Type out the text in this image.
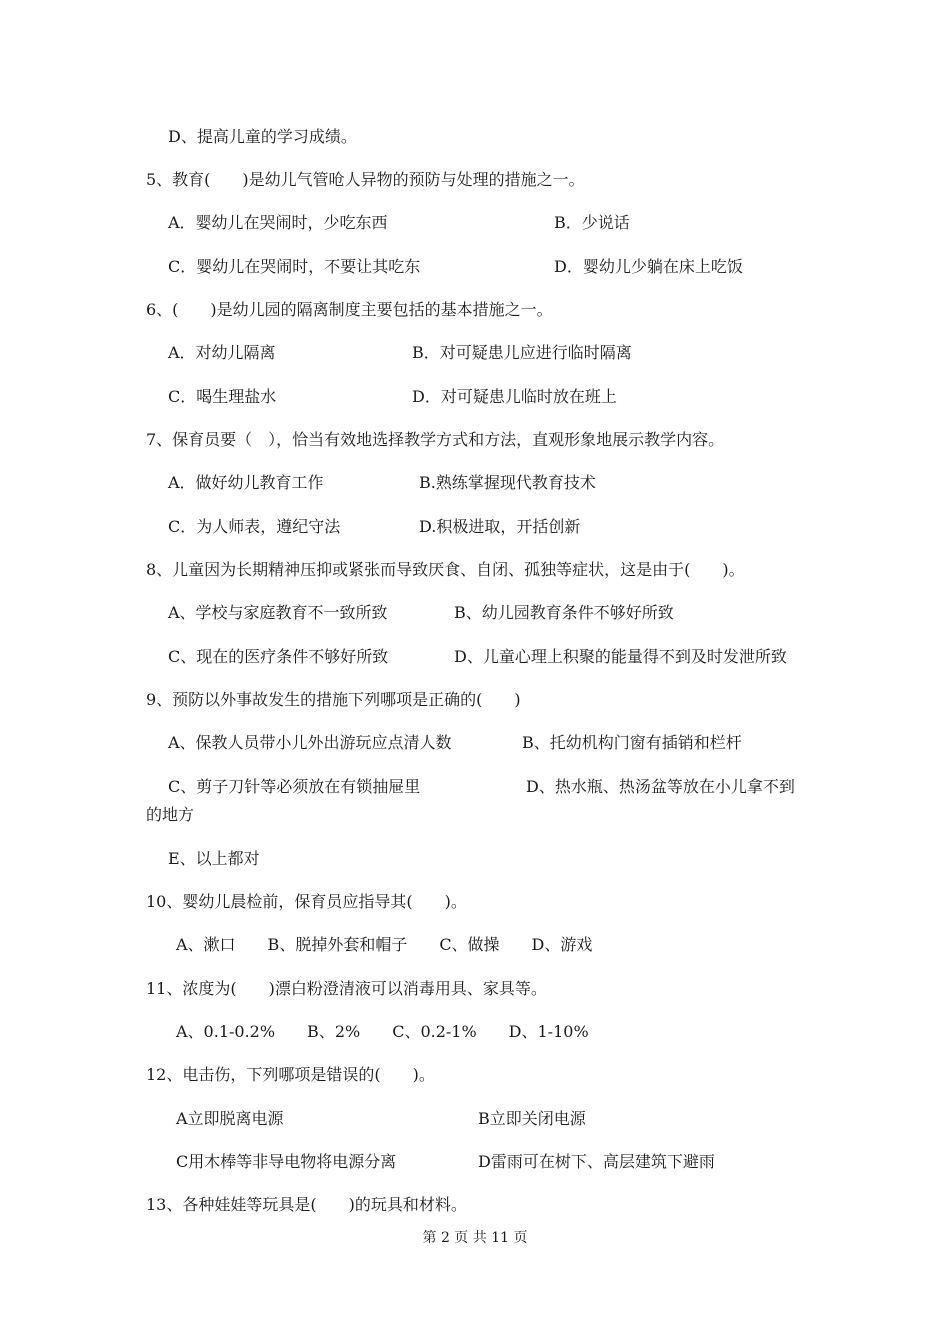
D、提高儿童的学习成绩。
5、教育(　　)是幼儿气管呛人异物的预防与处理的措施之一。
A．婴幼儿在哭闹时，少吃东西	B．少说话
C．婴幼儿在哭闹时，不要让其吃东	D．婴幼儿少躺在床上吃饭
6、(　　)是幼儿园的隔离制度主要包括的基本措施之一。
A．对幼儿隔离	B．对可疑患儿应进行临时隔离
C．喝生理盐水	D．对可疑患儿临时放在班上
7、保育员要（　），恰当有效地选择教学方式和方法，直观形象地展示教学内容。
A．做好幼儿教育工作	B.熟练掌握现代教育技术
C．为人师表，遵纪守法	D.积极进取，开括创新
8、儿童因为长期精神压抑或紧张而导致厌食、自闭、孤独等症状，这是由于(　　)。
A、学校与家庭教育不一致所致	B、幼儿园教育条件不够好所致
C、现在的医疗条件不够好所致	D、儿童心理上积聚的能量得不到及时发泄所致
9、预防以外事故发生的措施下列哪项是正确的(　　)
A、保教人员带小儿外出游玩应点清人数	B、托幼机构门窗有插销和栏杆
C、剪子刀针等必须放在有锁抽屉里	D、热水瓶、热汤盆等放在小儿拿不到
的地方
E、以上都对
10、婴幼儿晨检前，保育员应指导其(　　)。
A、漱口　　B、脱掉外套和帽子　　C、做操　　D、游戏
11、浓度为(　　)漂白粉澄清液可以消毒用具、家具等。
A、0.1-0.2%　　B、2%　　C、0.2-1%　　D、1-10%
12、电击伤，下列哪项是错误的(　　)。
A立即脱离电源	B立即关闭电源
C用木棒等非导电物将电源分离	D雷雨可在树下、高层建筑下避雨
13、各种娃娃等玩具是(　　)的玩具和材料。
第 2 页 共 11 页
